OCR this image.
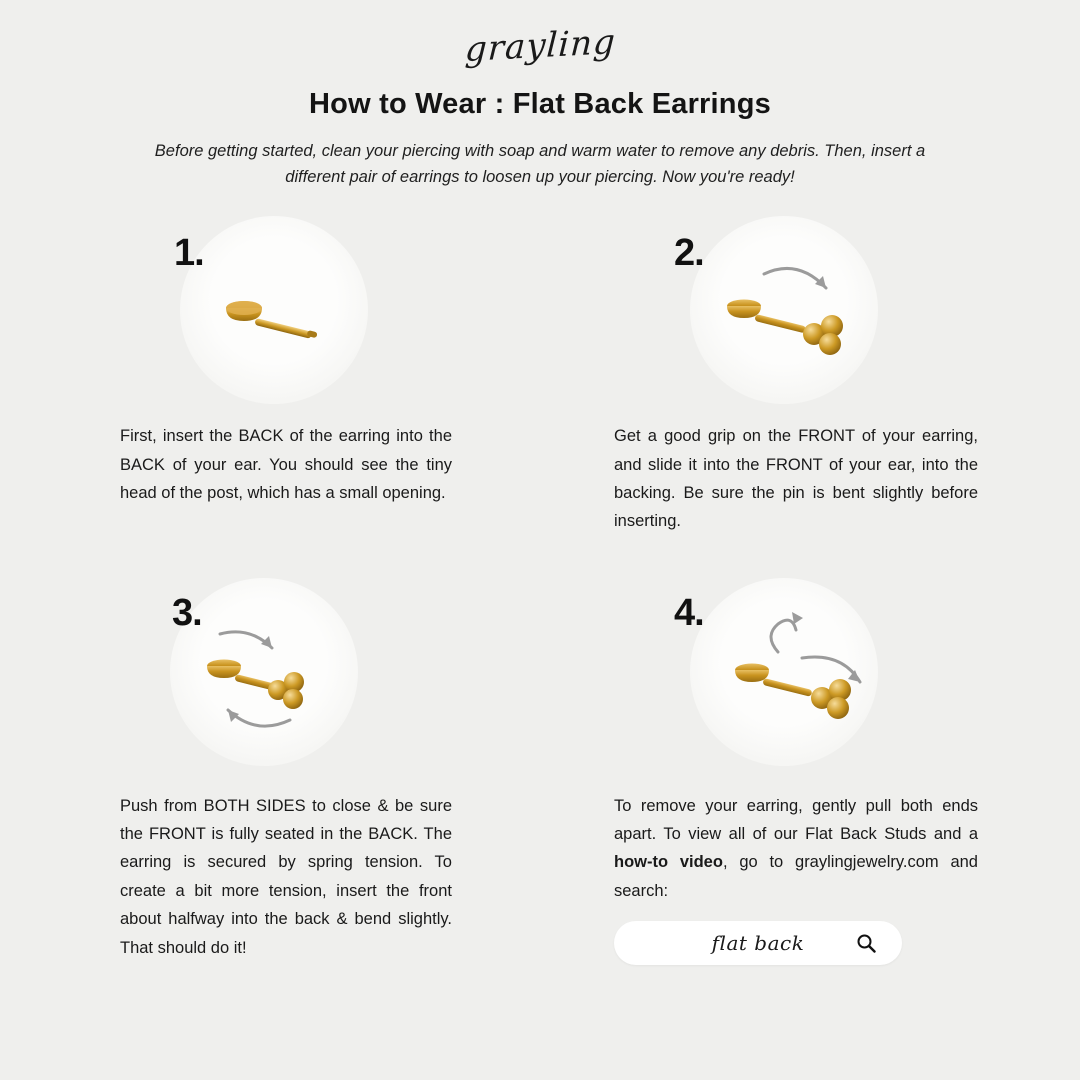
grayling
How to Wear : Flat Back Earrings
Before getting started, clean your piercing with soap and warm water to remove any debris. Then, insert a different pair of earrings to loosen up your piercing. Now you're ready!
1.
First, insert the BACK of the earring into the BACK of your ear. You should see the tiny head of the post, which has a small opening.
2.
Get a good grip on the FRONT of your earring, and slide it into the FRONT of your ear, into the backing. Be sure the pin is bent slightly before inserting.
3.
Push from BOTH SIDES to close & be sure the FRONT is fully seated in the BACK. The earring is secured by spring tension. To create a bit more tension, insert the front about halfway into the back & bend slightly. That should do it!
4.
To remove your earring, gently pull both ends apart. To view all of our Flat Back Studs and a how-to video, go to graylingjewelry.com and search:
flat back
